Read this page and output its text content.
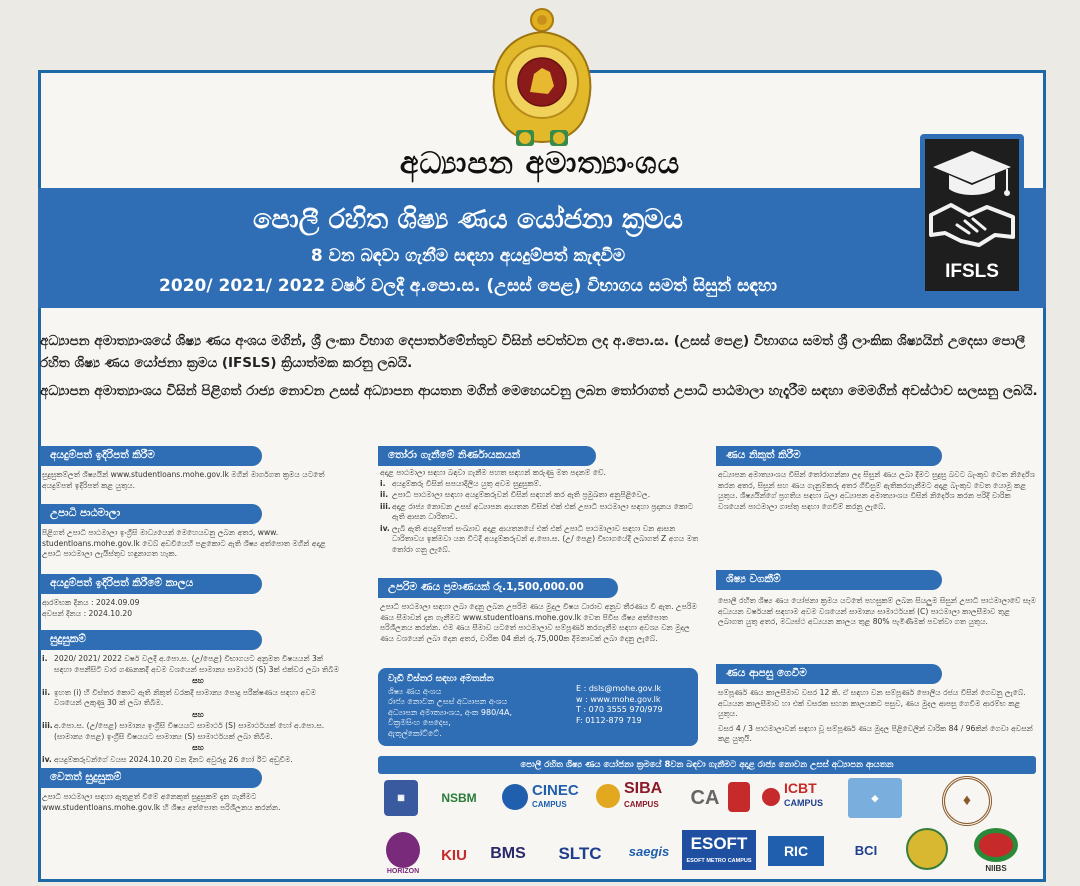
අධ්‍යාපන අමාත්‍යාංශය
පොලී රහිත ශිෂ්‍ය ණය යෝජනා ක්‍රමය
8 වන බඳවා ගැනීම සඳහා අයදුම්පත් කැඳවීම
2020/ 2021/ 2022 වර්ෂ වලදී අ.පො.ස. (උසස් පෙළ) විභාගය සමත් සිසුන් සඳහා
IFSLS

අධ්‍යාපන අමාත්‍යාංශයේ ශිෂ්‍ය ණය අංශය මගින්, ශ්‍රී ලංකා විභාග දෙපාර්තමේන්තුව විසින් පවත්වන ලද අ.පො.ස. (උසස් පෙළ) විභාගය සමත් ශ්‍රී ලාංකික ශිෂ්‍යයින් උදෙසා පොලී රහිත ශිෂ්‍ය ණය යෝජනා ක්‍රමය (IFSLS) ක්‍රියාත්මක කරනු ලබයි.

අධ්‍යාපන අමාත්‍යාංශය විසින් පිළිගත් රාජ්‍ය නොවන උසස් අධ්‍යාපන ආයතන මගින් මෙහෙයවනු ලබන තෝරාගත් උපාධි පාඨමාලා හැදෑරීම සඳහා මෙමගින් අවස්ථාව සලසනු ලබයි.

අයදුම්පත් ඉදිරිපත් කිරීම
සුදුසුකම්ලත් ශිෂ්‍යයින් www.studentloans.mohe.gov.lk මගින් මාර්ගගත ක්‍රමය යටතේ අයදුම්පත් ඉදිරිපත් කළ යුතුය.
උපාධි පාඨමාලා
පිළිගත් උපාධි පාඨමාලා ඉංග්‍රීසි මාධ්‍යයෙන් මෙහෙයවනු ලබන අතර, www. studentloans.mohe.gov.lk වෙබ් අඩවියෙහි පළකොට ඇති ශිෂ්‍ය අත්පොත මගින් අදාළ උපාධි පාඨමාලා ලැයිස්තුව හඳුනාගත හැක.
අයදුම්පත් ඉදිරිපත් කිරීමේ කාලය
ආරම්භක දිනය : 2024.09.09
අවසන් දිනය : 2024.10.20
සුදුසුකම්
i. 2020/ 2021/ 2022 වර්ෂ වලදී අ.පො.ස. (උ/පෙළ) විභාගයට අනුමත විෂයයන් 3ක් සඳහා පෙනීසිටි වාර ගණනකදී අවම වශයෙන් සාමාන්‍ය සාමාර්ථ (S) 3ක් එක්වර ලබා තිබීම
සහ
ii. ඉහත (i) හි විස්තර කොට ඇති නිකුත් වරකදී සාමාන්‍ය පොදු පරීක්ෂණය සඳහා අවම වශයෙන් ලකුණු 30 ක් ලබා තිබීම.
සහ
iii. අ.පො.ස. (උ/පෙළ) සාමාන්‍ය ඉංග්‍රීසි විෂයයට සාමාර්ථ (S) සාමාර්ථයක් හෝ අ.පො.ස. (සාමාන්‍ය පෙළ) ඉංග්‍රීසි විෂයයට සාමාන්‍ය (S) සාමාර්ථයක් ලබා තිබීම.
සහ
iv. අයදුම්කරුවන්ගේ වයස 2024.10.20 වන දිනට අවුරුදු 26 හෝ ඊට අඩුවීම.
වෙනත් සුදුසුකම්
උපාධි පාඨමාලා සඳහා ඇතුළත් වීමේ අනෙකුත් සුදුසුකම් දැන ගැනීමට www.studentloans.mohe.gov.lk හි ශිෂ්‍ය අත්පොත පරිශීලනය කරන්න.
තෝරා ගැනීමේ නිර්ණායකයන්
අදාළ පාඨමාලා සඳහා බඳවා ගැනීම පහත සඳහන් කරුණු මත පදනම් වේ.
i. අයදුම්කරු විසින් සපයාදිලිය යුතු අවම සුදුසුකම්.
ii. උපාධි පාඨමාලා සඳහා අයදුම්කරුවන් විසින් සඳහන් කර ඇති ප්‍රමුඛතා අනුපිළිවෙල.
iii. අදාළ රාජ්‍ය නොවන උසස් අධ්‍යාපන ආයතන විසින් එක් එක් උපාධි පාඨමාලා සඳහා ප්‍රදානය කොට ඇති ආසන ධාරිතාව.
iv. ලැබී ඇති අයදුම්පත් සංඛ්‍යාව අදාළ ආයතනයේ එක් එක් උපාධි පාඨමාලාව සඳහා වන ආසන ධාරිතාවය ඉක්මවා යන විටදී අයදුම්කරුවන් අ.පො.ස. (උ/ පෙළ) විභාගයේදී ලබාගත් Z අගය මත තෝරා ගනු ලැබේ.
උපරිම ණය ප්‍රමාණයක් රු.1,500,000.00
උපාධි පාඨමාලා සඳහා ලබා දෙනු ලබන උපරිම ණය මුදල විෂය ධාරාව අනුව තීරණය වී ඇත. උපරිම ණය සීමාවන් දැන ගැනීමට www.studentloans.mohe.gov.lk වෙත පිවිස ශිෂ්‍ය අත්පොත පරිශීලනය කරන්න. එම ණය සීමාව යටතේ පාඨමාලාව සම්පූර්ණ කරගැනීම සඳහා අවශ්‍ය වන මුදල ණය වශයෙන් ලබා දෙන අතර, වාරික 04 කින් රු.75,000ක දීමනාවක් ලබා දෙනු ලැබේ.
වැඩි විස්තර සඳහා අමතන්න
ශිෂ්‍ය ණය අංශය
රාජ්‍ය නොවන උසස් අධ්‍යාපන අංශය
අධ්‍යාපන අමාත්‍යාංශය, අංක 980/4A,
වික්‍රමසිංහ පෙදෙස,
ඇතුල්කෝට්ටේ.
E : dsls@mohe.gov.lk
w : www.mohe.gov.lk
T : 070 3555 970/979
F: 0112-879 719
ණය නිකුත් කිරීම
අධ්‍යාපන අමාත්‍යාංශය විසින් තෝරාගන්නා ලද සිසුන් ණය ලබා දීමට සුදුසු බවට බැංකුව වෙත නිර්දේශ කරන අතර, සිසුන් සහ ණය ගැනුම්කරු අතර ගිවිසුම් ඇතිකරගැනීමට අදාළ බැංකුව වෙත යොමු කළ යුතුය. ශිෂ්‍යයින්ගේ ප්‍රගතිය සඳහා බලා අධ්‍යාපන අමාත්‍යාංශය විසින් නිර්දේශ කරන පරිදි වාරික වශයෙන් පාඨමාලා ගාස්තු සඳහා ගෙවීම් කරනු ලැබේ.
ශිෂ්‍ය වගකීම්
පොලී රහිත ශිෂ්‍ය ණය යෝජනා ක්‍රමය යටතේ පහසුකම් ලබන සියලුම සිසුන් උපාධි පාඨමාලාවේ සෑම අධ්‍යයන වර්ෂයක් සඳහාම අවම වශයෙන් සාමාන්‍ය සාමාර්ථයක් (C) පාඨමාලා කාලසීමාව තුළ ලබාගත යුතු අතර, මධ්‍යස්ථ අධ්‍යයන කාලය තුළ 80% පැමිණීමක් පවත්වා ගත යුතුය.
ණය ආපසු ගෙවීම
සම්පූර්ණ ණය කාලසීමාව වසර 12 කි. ඒ සඳහා වන සම්පූර්ණ පොලිය රජය විසින් ගෙවනු ලැබේ. අධ්‍යයන කාලසීමාව හා එක් වසරක සහන කාලයකට පසුව, ණය මුදල ආපසු ගෙවීම ආරම්භ කළ යුතුය.
වසර 4 / 3 පාඨමාලාවන් සඳහා වූ සම්පූර්ණ ණය මුදල පිළිවෙලින් වාරික 84 / 96කින් ගෙවා අවසන් කළ යුතුයි.
පොලී රහිත ශිෂ්‍ය ණය යෝජනා ක්‍රමයේ 8වන බඳවා ගැනීමට අදාළ රාජ්‍ය නොවන උසස් අධ්‍යාපන ආයතන
▦	NSBM	CINEC
CAMPUS
SIBA
CAMPUS CA	ICBT
CAMPUS	◆	♦
HORIZON
KIU	BMS	SLTC	saegis	ESOFT
ESOFT METRO CAMPUS
RIC	BCI
NIIBS
